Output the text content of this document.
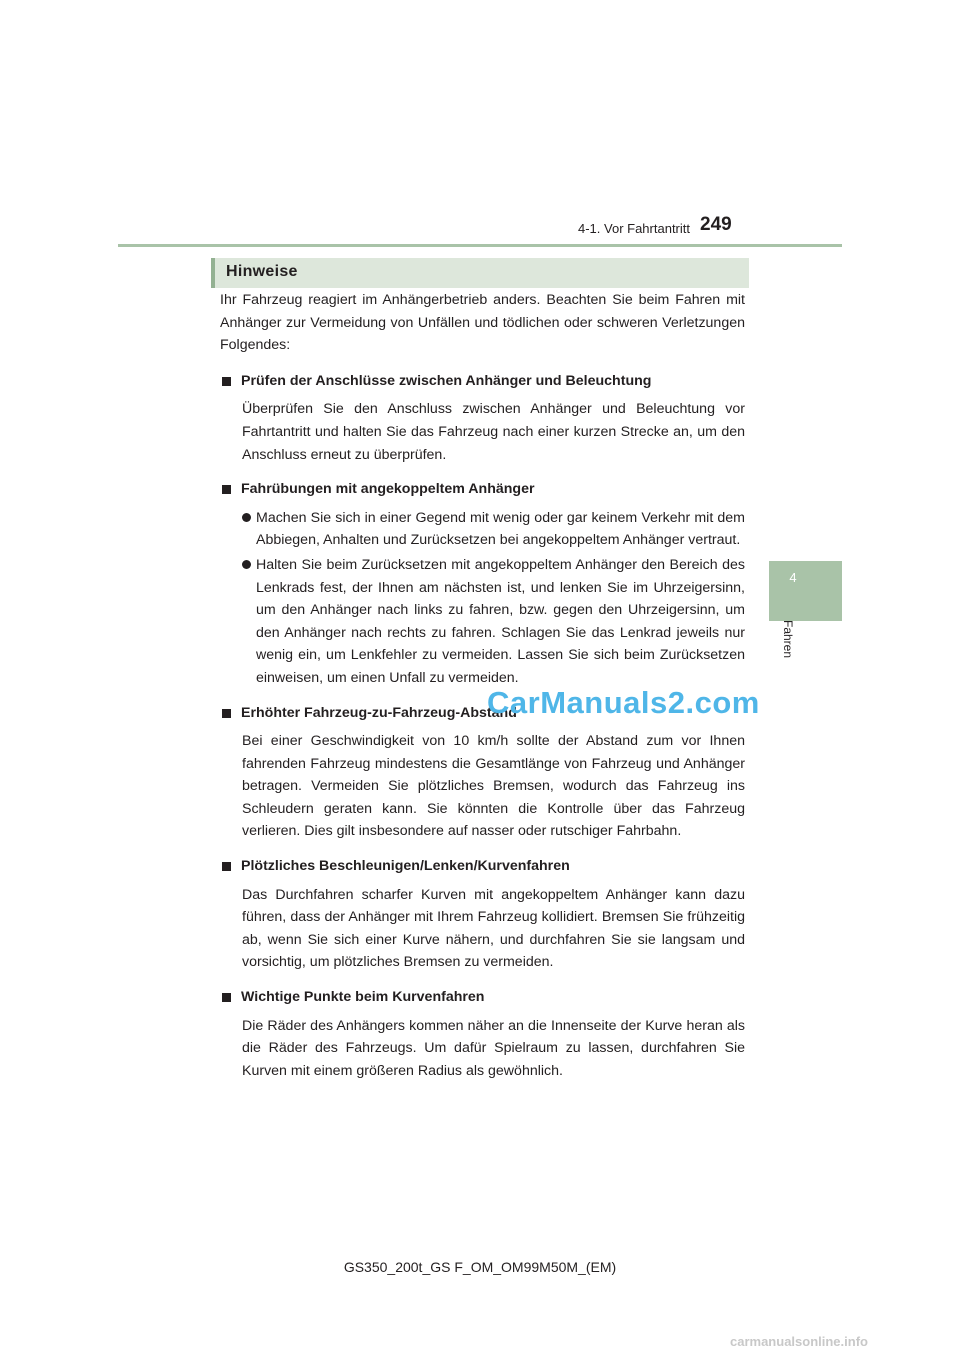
4-1. Vor Fahrtantritt 249
4
Fahren
Hinweise

Ihr Fahrzeug reagiert im Anhängerbetrieb anders. Beachten Sie beim Fahren mit Anhänger zur Vermeidung von Unfällen und tödlichen oder schweren Verletzungen Folgendes:

Prüfen der Anschlüsse zwischen Anhänger und Beleuchtung

Überprüfen Sie den Anschluss zwischen Anhänger und Beleuchtung vor Fahrtantritt und halten Sie das Fahrzeug nach einer kurzen Strecke an, um den Anschluss erneut zu überprüfen.

Fahrübungen mit angekoppeltem Anhänger

Machen Sie sich in einer Gegend mit wenig oder gar keinem Verkehr mit dem Abbiegen, Anhalten und Zurücksetzen bei angekoppeltem Anhänger vertraut.

Halten Sie beim Zurücksetzen mit angekoppeltem Anhänger den Bereich des Lenkrads fest, der Ihnen am nächsten ist, und lenken Sie im Uhrzeigersinn, um den Anhänger nach links zu fahren, bzw. gegen den Uhrzeigersinn, um den Anhänger nach rechts zu fahren. Schlagen Sie das Lenkrad jeweils nur wenig ein, um Lenkfehler zu vermeiden. Lassen Sie sich beim Zurücksetzen einweisen, um einen Unfall zu vermeiden.

Erhöhter Fahrzeug-zu-Fahrzeug-Abstand

Bei einer Geschwindigkeit von 10 km/h sollte der Abstand zum vor Ihnen fahrenden Fahrzeug mindestens die Gesamtlänge von Fahrzeug und Anhänger betragen. Vermeiden Sie plötzliches Bremsen, wodurch das Fahrzeug ins Schleudern geraten kann. Sie könnten die Kontrolle über das Fahrzeug verlieren. Dies gilt insbesondere auf nasser oder rutschiger Fahrbahn.

Plötzliches Beschleunigen/Lenken/Kurvenfahren

Das Durchfahren scharfer Kurven mit angekoppeltem Anhänger kann dazu führen, dass der Anhänger mit Ihrem Fahrzeug kollidiert. Bremsen Sie frühzeitig ab, wenn Sie sich einer Kurve nähern, und durchfahren Sie sie langsam und vorsichtig, um plötzliches Bremsen zu vermeiden.

Wichtige Punkte beim Kurvenfahren

Die Räder des Anhängers kommen näher an die Innenseite der Kurve heran als die Räder des Fahrzeugs. Um dafür Spielraum zu lassen, durchfahren Sie Kurven mit einem größeren Radius als gewöhnlich.

CarManuals2.com
GS350_200t_GS F_OM_OM99M50M_(EM)
carmanualsonline.info
